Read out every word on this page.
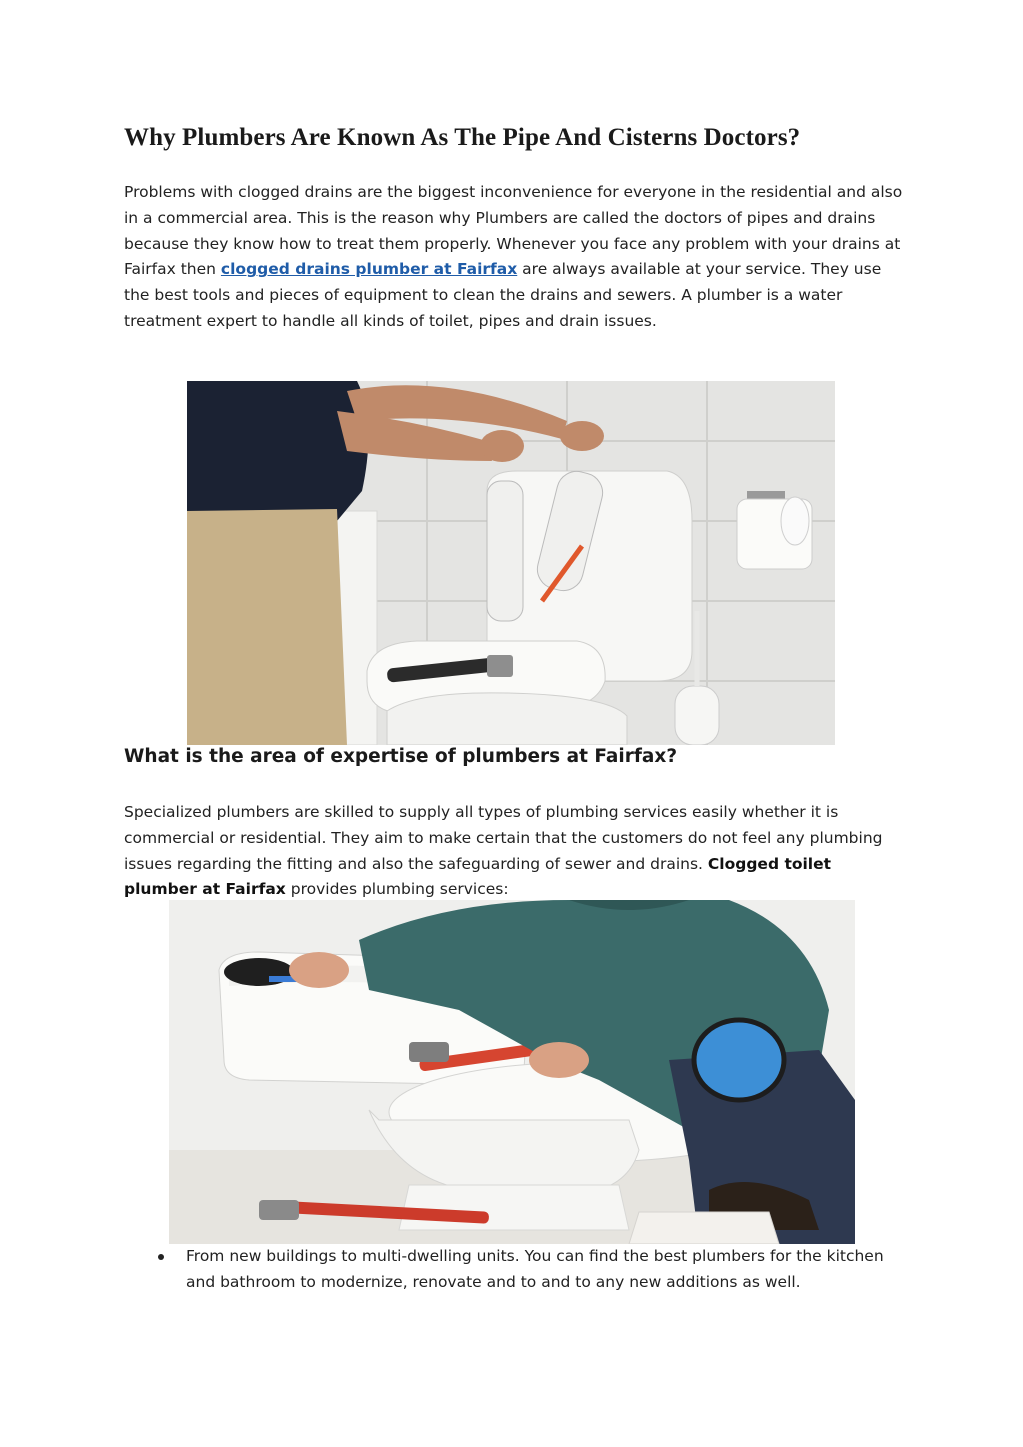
Why Plumbers Are Known As The Pipe And Cisterns Doctors?

Problems with clogged drains are the biggest inconvenience for everyone in the residential and also in a commercial area. This is the reason why Plumbers are called the doctors of pipes and drains because they know how to treat them properly. Whenever you face any problem with your drains at Fairfax then clogged drains plumber at Fairfax are always available at your service. They use the best tools and pieces of equipment to clean the drains and sewers. A plumber is a water treatment expert to handle all kinds of toilet, pipes and drain issues.

What is the area of expertise of plumbers at Fairfax?

Specialized plumbers are skilled to supply all types of plumbing services easily whether it is commercial or residential. They aim to make certain that the customers do not feel any plumbing issues regarding the fitting and also the safeguarding of sewer and drains. Clogged toilet plumber at Fairfax provides plumbing services:

From new buildings to multi-dwelling units. You can find the best plumbers for the kitchen and bathroom to modernize, renovate and to and to any new additions as well.
